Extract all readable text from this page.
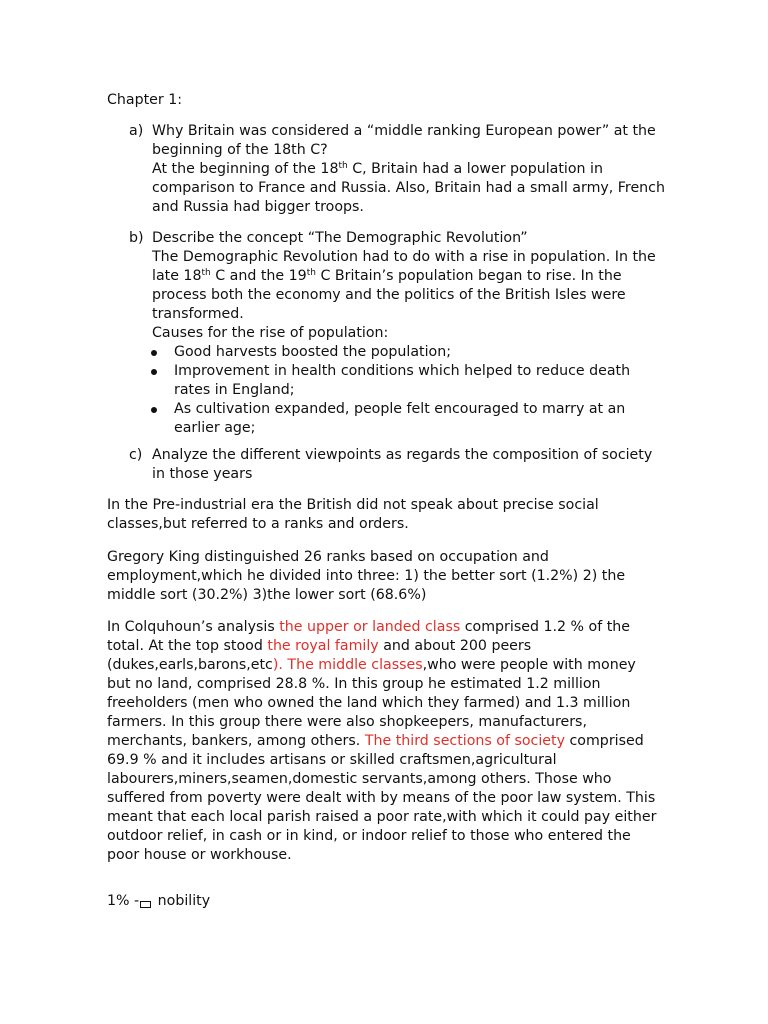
Chapter 1:
a) Why Britain was considered a “middle ranking European power” at the beginning of the 18th C?

At the beginning of the 18th C, Britain had a lower population in comparison to France and Russia. Also, Britain had a small army, French and Russia had bigger troops.

b) Describe the concept “The Demographic Revolution”

The Demographic Revolution had to do with a rise in population. In the late 18th C and the 19th C Britain’s population began to rise. In the process both the economy and the politics of the British Isles were transformed.

Causes for the rise of population:

Good harvests boosted the population;
Improvement in health conditions which helped to reduce death rates in England;
As cultivation expanded, people felt encouraged to marry at an earlier age;
c) Analyze the different viewpoints as regards the composition of society in those years

In the Pre-industrial era the British did not speak about precise social classes,but referred to a ranks and orders.

Gregory King distinguished 26 ranks based on occupation and employment,which he divided into three: 1) the better sort (1.2%) 2) the middle sort (30.2%) 3)the lower sort (68.6%)

In Colquhoun’s analysis the upper or landed class comprised 1.2 % of the total. At the top stood the royal family and about 200 peers (dukes,earls,barons,etc). The middle classes,who were people with money but no land, comprised 28.8 %. In this group he estimated 1.2 million freeholders (men who owned the land which they farmed) and 1.3 million farmers. In this group there were also shopkeepers, manufacturers, merchants, bankers, among others. The third sections of society comprised 69.9 % and it includes artisans or skilled craftsmen,agricultural labourers,miners,seamen,domestic servants,among others. Those who suffered from poverty were dealt with by means of the poor law system. This meant that each local parish raised a poor rate,with which it could pay either outdoor relief, in cash or in kind, or indoor relief to those who entered the poor house or workhouse.

1% - nobility
